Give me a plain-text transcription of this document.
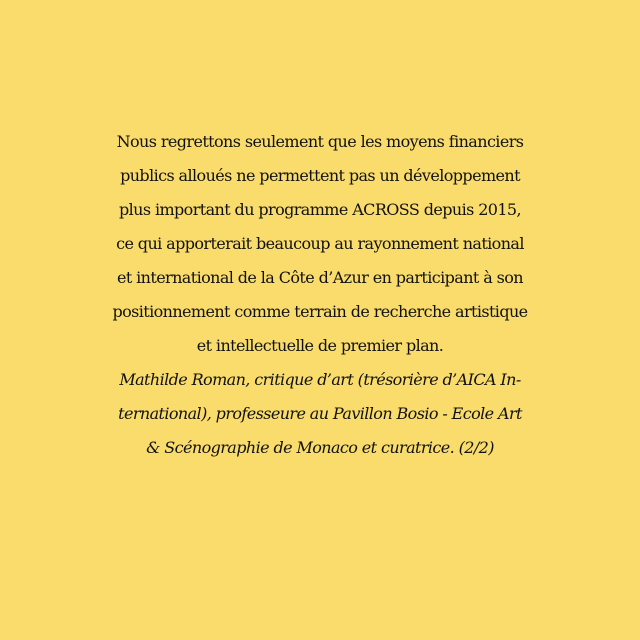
Nous regrettons seulement que les moyens financiers
publics alloués ne permettent pas un développement
plus important du programme ACROSS depuis 2015,
ce qui apporterait beaucoup au rayonnement national
et international de la Côte d’Azur en participant à son
positionnement comme terrain de recherche artistique
et intellectuelle de premier plan.
Mathilde Roman, critique d’art (trésorière d’AICA In-
ternational), professeure au Pavillon Bosio - Ecole Art
& Scénographie de Monaco et curatrice. (2/2)
